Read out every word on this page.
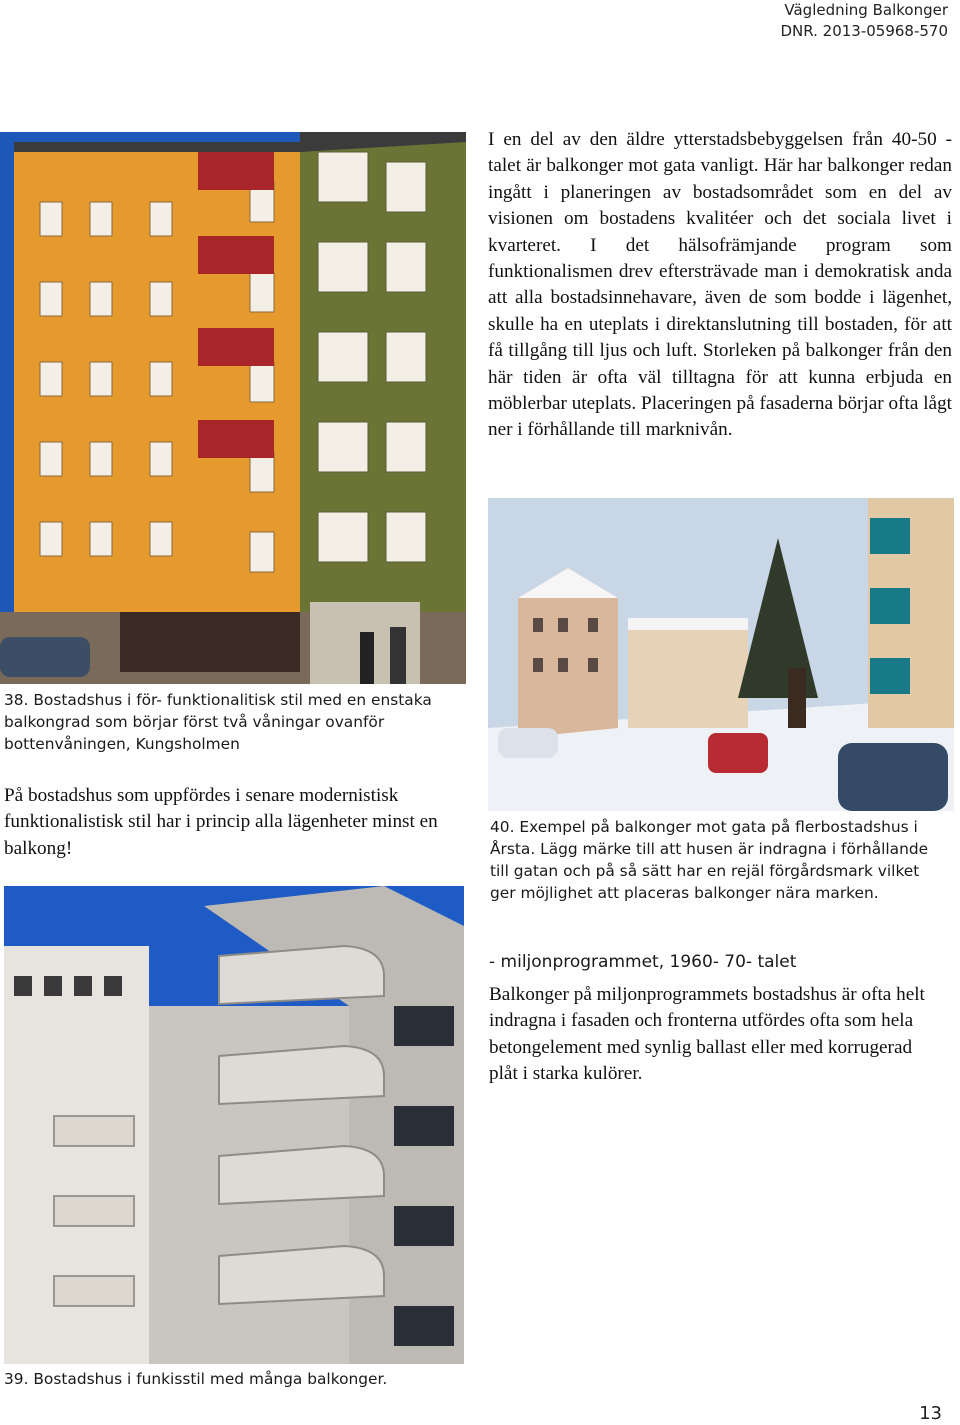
Vägledning Balkonger
DNR. 2013-05968-570
I en del av den äldre ytterstadsbebyggelsen från 40-50 - talet är balkonger mot gata vanligt. Här har balkonger redan ingått i planeringen av bostadsområdet som en del av visionen om bostadens kvalitéer och det sociala livet i kvarteret. I det hälsofrämjande program som funktionalismen drev eftersträvade man i demokratisk anda att alla bostadsinnehavare, även de som bodde i lägenhet, skulle ha en uteplats i direktanslutning till bostaden, för att få tillgång till ljus och luft. Storleken på balkonger från den här tiden är ofta väl tilltagna för att kunna erbjuda en möblerbar uteplats. Placeringen på fasaderna börjar ofta lågt ner i förhållande till marknivån.
38. Bostadshus i för- funktionalitisk stil med en enstaka balkongrad som börjar först två våningar ovanför bottenvåningen, Kungsholmen
På bostadshus som uppfördes i senare modernistisk funktionalistisk stil har i princip alla lägenheter minst en balkong!
40. Exempel på balkonger mot gata på flerbostadshus i Årsta. Lägg märke till att husen är indragna i förhållande till gatan och på så sätt har en rejäl förgårdsmark vilket ger möjlighet att placeras balkonger nära marken.
- miljonprogrammet, 1960- 70- talet
Balkonger på miljonprogrammets bostadshus är ofta helt indragna i fasaden och fronterna utfördes ofta som hela betongelement med synlig ballast eller med korrugerad plåt i starka kulörer.
39. Bostadshus i funkisstil med många balkonger.
13
